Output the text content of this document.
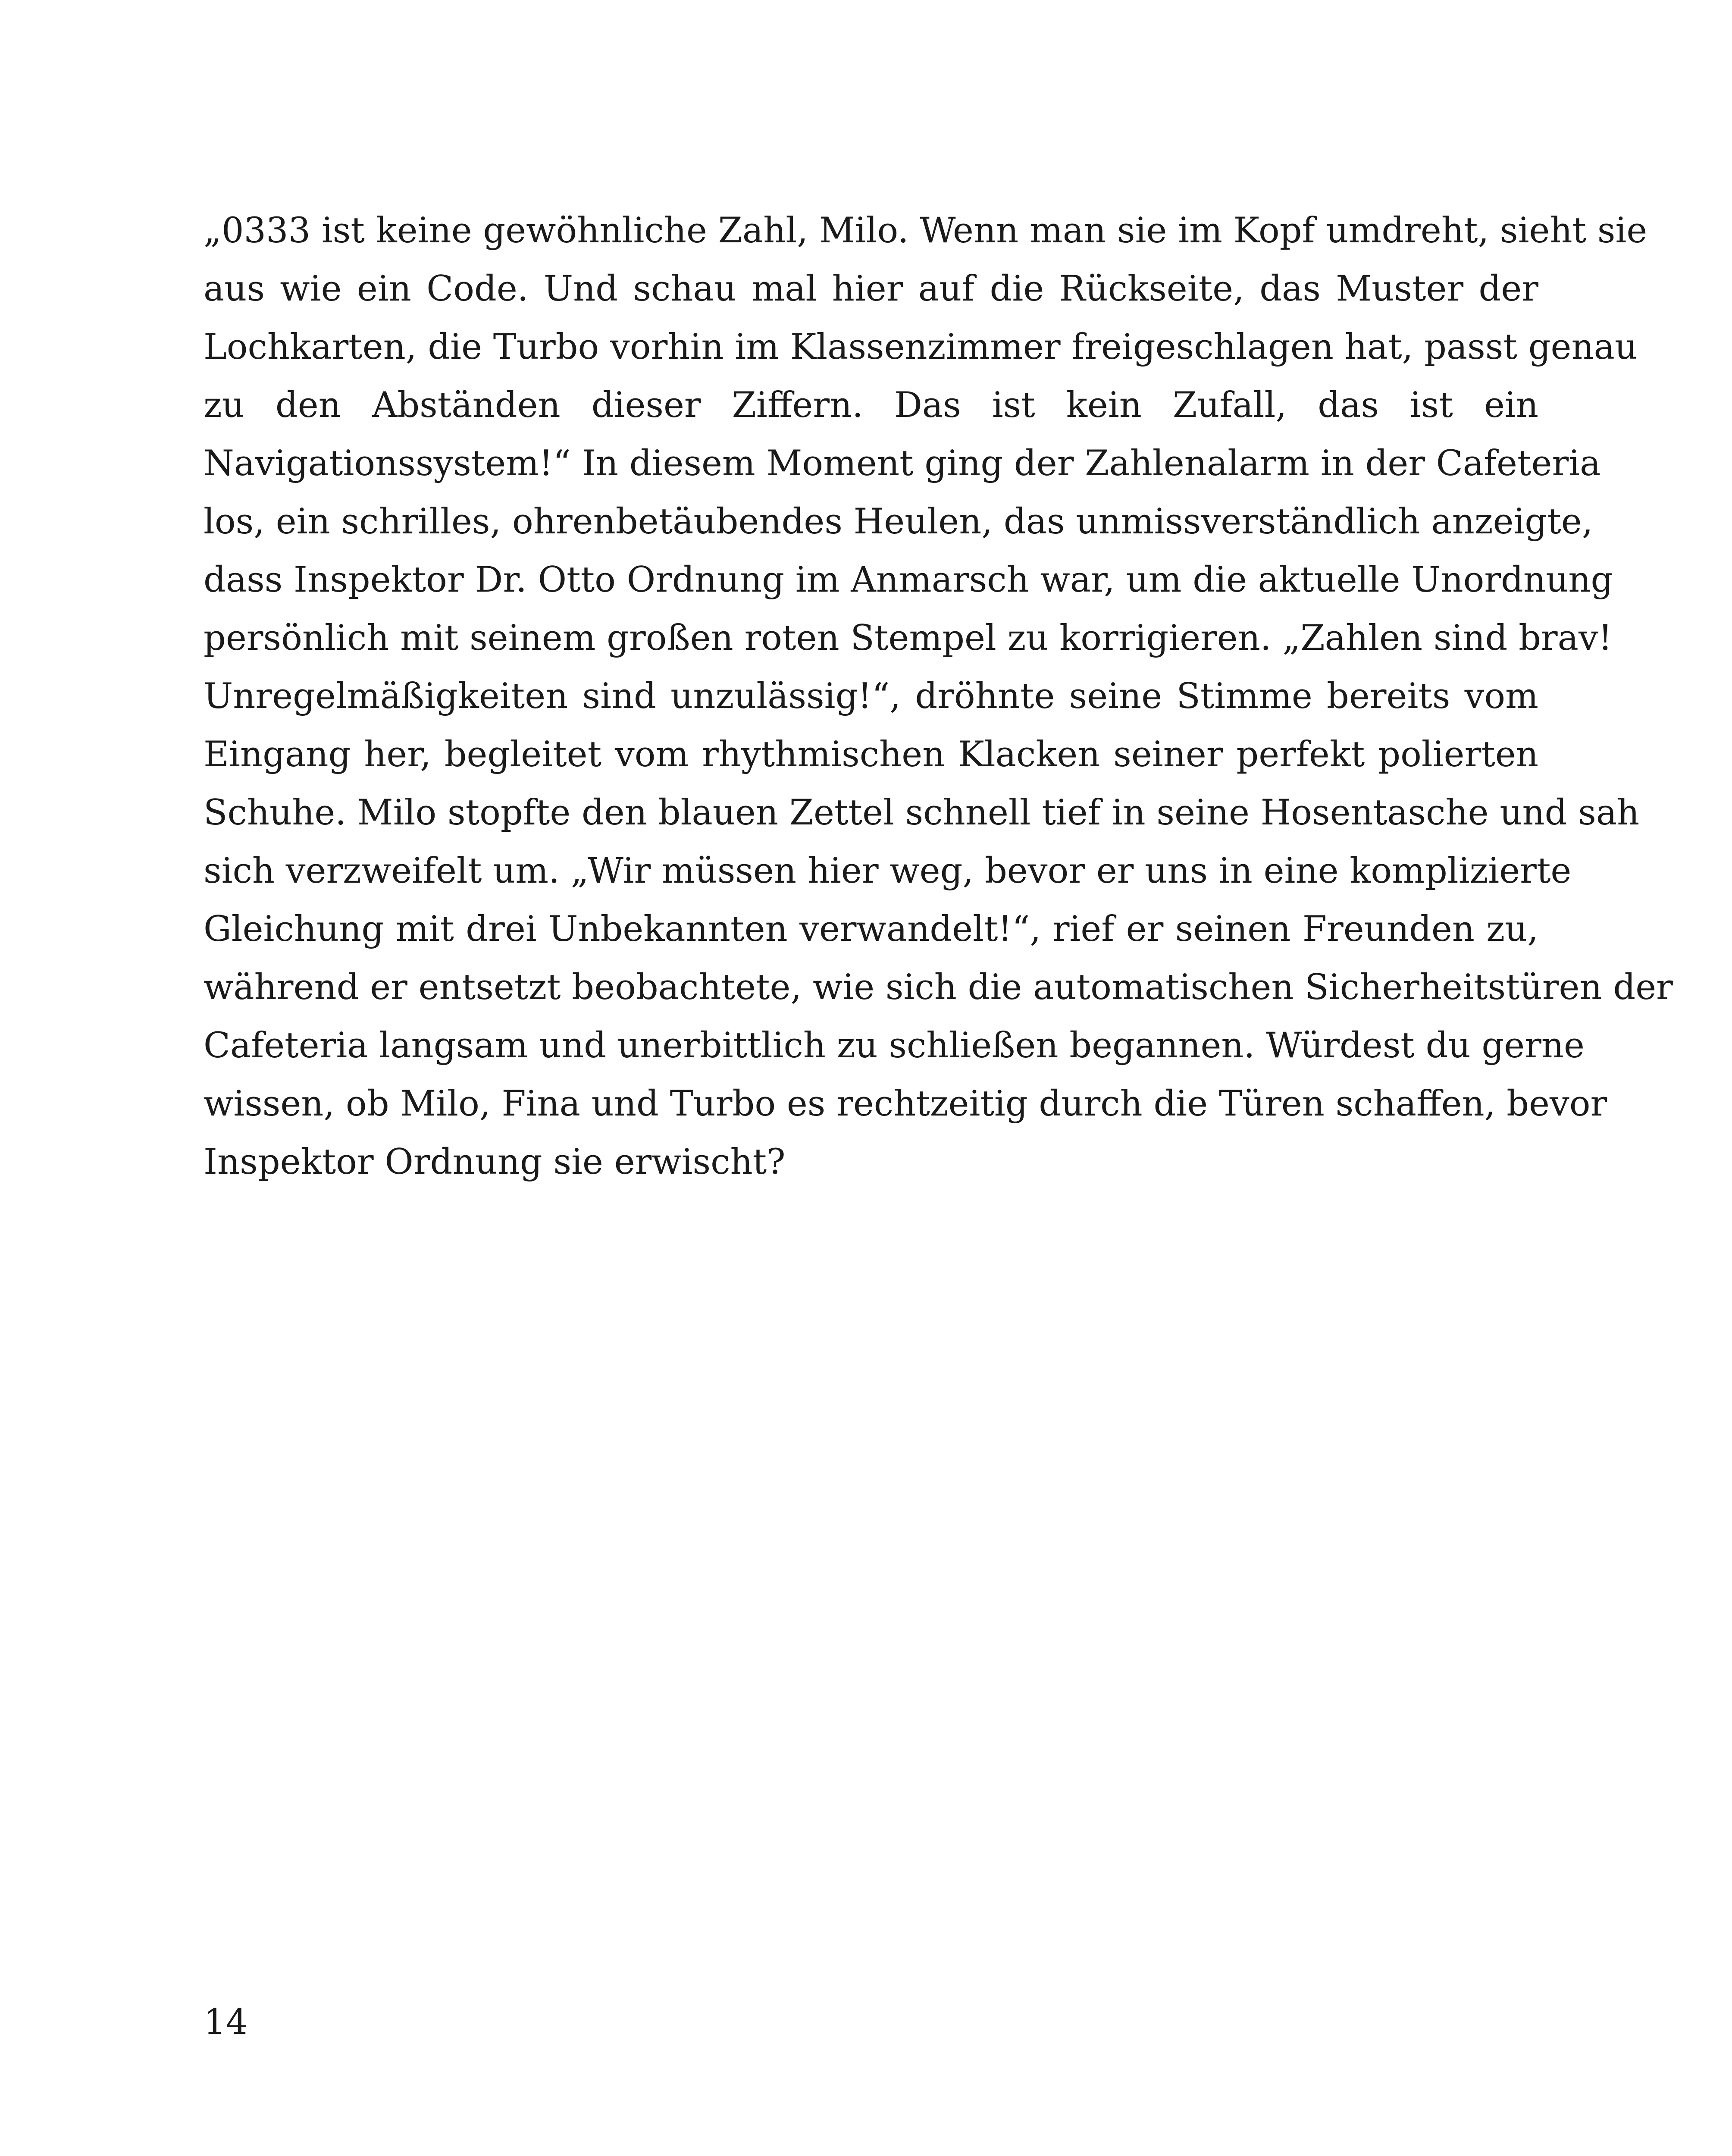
„0333 ist keine gewöhnliche Zahl, Milo. Wenn man sie im Kopf umdreht, sieht sie
aus wie ein Code. Und schau mal hier auf die Rückseite, das Muster der
Lochkarten, die Turbo vorhin im Klassenzimmer freigeschlagen hat, passt genau
zu den Abständen dieser Ziffern. Das ist kein Zufall, das ist ein
Navigationssystem!“ In diesem Moment ging der Zahlenalarm in der Cafeteria
los, ein schrilles, ohrenbetäubendes Heulen, das unmissverständlich anzeigte,
dass Inspektor Dr. Otto Ordnung im Anmarsch war, um die aktuelle Unordnung
persönlich mit seinem großen roten Stempel zu korrigieren. „Zahlen sind brav!
Unregelmäßigkeiten sind unzulässig!“, dröhnte seine Stimme bereits vom
Eingang her, begleitet vom rhythmischen Klacken seiner perfekt polierten
Schuhe. Milo stopfte den blauen Zettel schnell tief in seine Hosentasche und sah
sich verzweifelt um. „Wir müssen hier weg, bevor er uns in eine komplizierte
Gleichung mit drei Unbekannten verwandelt!“, rief er seinen Freunden zu,
während er entsetzt beobachtete, wie sich die automatischen Sicherheitstüren der
Cafeteria langsam und unerbittlich zu schließen begannen. Würdest du gerne
wissen, ob Milo, Fina und Turbo es rechtzeitig durch die Türen schaffen, bevor
Inspektor Ordnung sie erwischt?
14
